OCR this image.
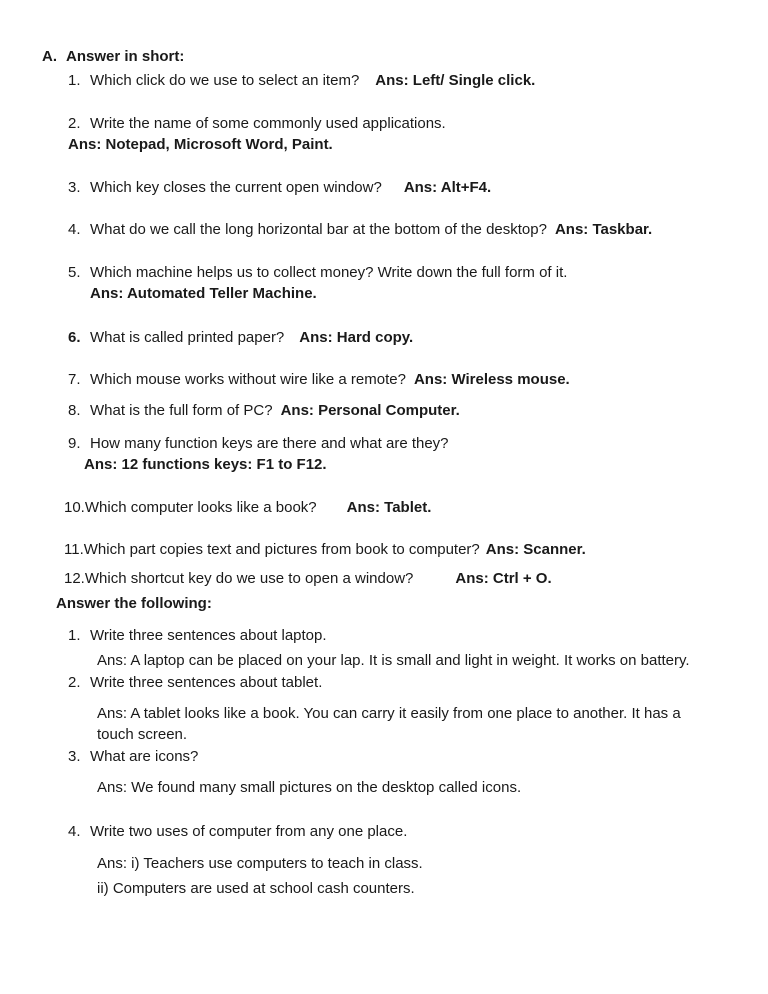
A. Answer in short:
1. Which click do we use to select an item? Ans: Left/ Single click.
2. Write the name of some commonly used applications.
Ans: Notepad, Microsoft Word, Paint.
3. Which key closes the current open window? Ans: Alt+F4.
4. What do we call the long horizontal bar at the bottom of the desktop? Ans: Taskbar.
5. Which machine helps us to collect money? Write down the full form of it.
Ans: Automated Teller Machine.
6. What is called printed paper? Ans: Hard copy.
7. Which mouse works without wire like a remote? Ans: Wireless mouse.
8. What is the full form of PC? Ans: Personal Computer.
9. How many function keys are there and what are they?
Ans: 12 functions keys: F1 to F12.
10.Which computer looks like a book? Ans: Tablet.
11.Which part copies text and pictures from book to computer? Ans: Scanner.
12.Which shortcut key do we use to open a window?	Ans: Ctrl + O.
Answer the following:
1. Write three sentences about laptop.
Ans: A laptop can be placed on your lap. It is small and light in weight. It works on battery.
2. Write three sentences about tablet.
Ans: A tablet looks like a book. You can carry it easily from one place to another. It has a touch screen.
3. What are icons?
Ans: We found many small pictures on the desktop called icons.
4. Write two uses of computer from any one place.
Ans: i) Teachers use computers to teach in class.
ii) Computers are used at school cash counters.
